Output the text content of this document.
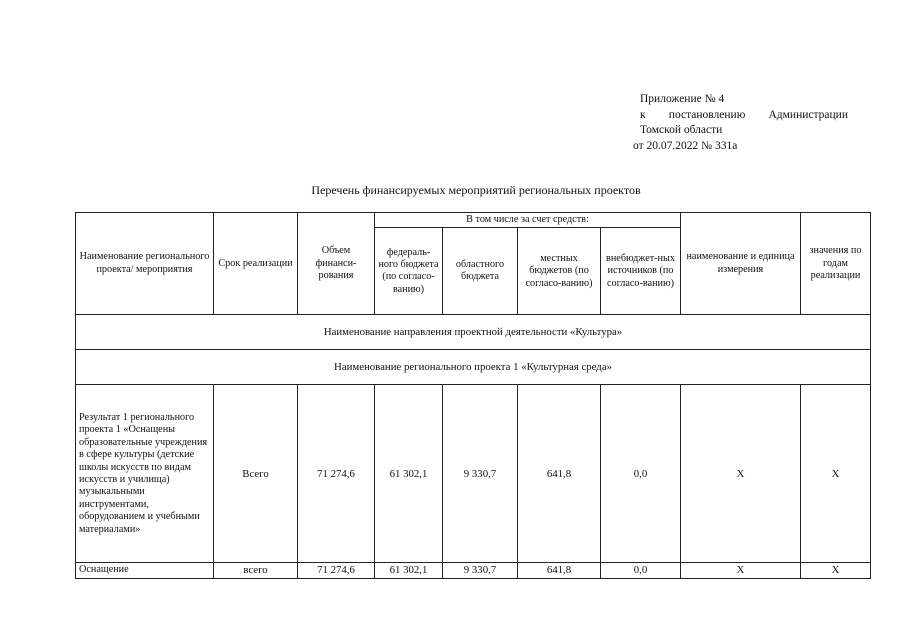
Приложение № 4
к постановлению Администрации
Томской области
от 20.07.2022 № 331а
Перечень финансируемых мероприятий региональных проектов
Наименование регионального проекта/ мероприятия	Срок реализации	Объем финанси-рования	В том числе за счет средств:				наименование и единица измерения	значения по годам реализации
			федераль-ного бюджета (по согласо-ванию)	областного бюджета	местных бюджетов (по согласо-ванию)	внебюджет-ных источников (по согласо-ванию)		
Наименование направления проектной деятельности «Культура»								
Наименование регионального проекта 1 «Культурная среда»								
Результат 1 регионального проекта 1 «Оснащены образовательные учреждения в сфере культуры (детские школы искусств по видам искусств и училища) музыкальными инструментами, оборудованием и учебными материалами»	Всего	71 274,6	61 302,1	9 330,7	641,8	0,0	Х	Х
Оснащение	всего	71 274,6	61 302,1	9 330,7	641,8	0,0	Х	Х
